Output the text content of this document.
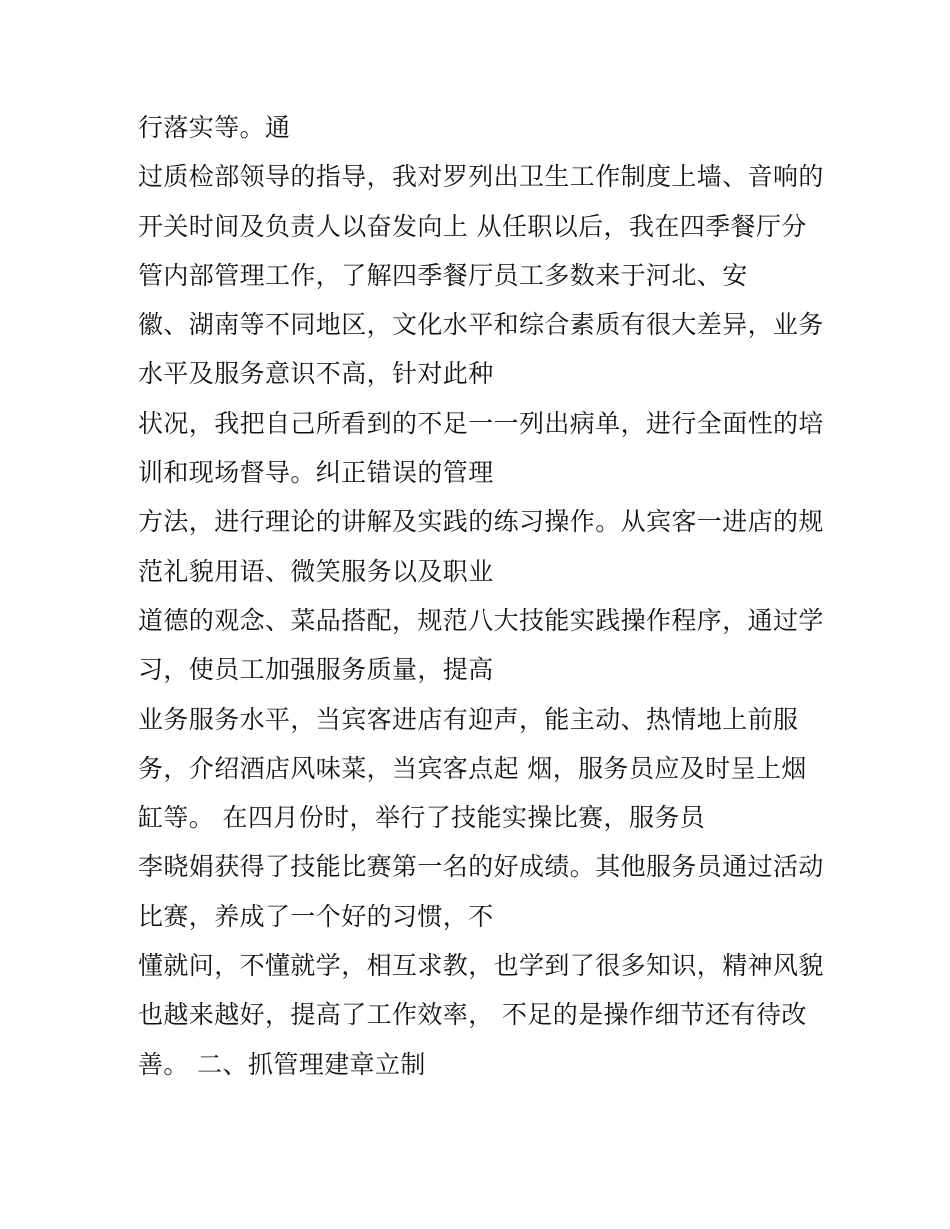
行落实等。通
过质检部领导的指导，我对罗列出卫生工作制度上墙、音响的
开关时间及负责人以奋发向上 从任职以后，我在四季餐厅分
管内部管理工作，了解四季餐厅员工多数来于河北、安
徽、湖南等不同地区，文化水平和综合素质有很大差异，业务
水平及服务意识不高，针对此种
状况，我把自己所看到的不足一一列出病单，进行全面性的培
训和现场督导。纠正错误的管理
方法，进行理论的讲解及实践的练习操作。从宾客一进店的规
范礼貌用语、微笑服务以及职业
道德的观念、菜品搭配，规范八大技能实践操作程序，通过学
习，使员工加强服务质量，提高
业务服务水平，当宾客进店有迎声，能主动、热情地上前服
务，介绍酒店风味菜，当宾客点起 烟，服务员应及时呈上烟
缸等。 在四月份时，举行了技能实操比赛，服务员
李晓娟获得了技能比赛第一名的好成绩。其他服务员通过活动
比赛，养成了一个好的习惯，不
懂就问，不懂就学，相互求教，也学到了很多知识，精神风貌
也越来越好，提高了工作效率， 不足的是操作细节还有待改
善。 二、抓管理建章立制
